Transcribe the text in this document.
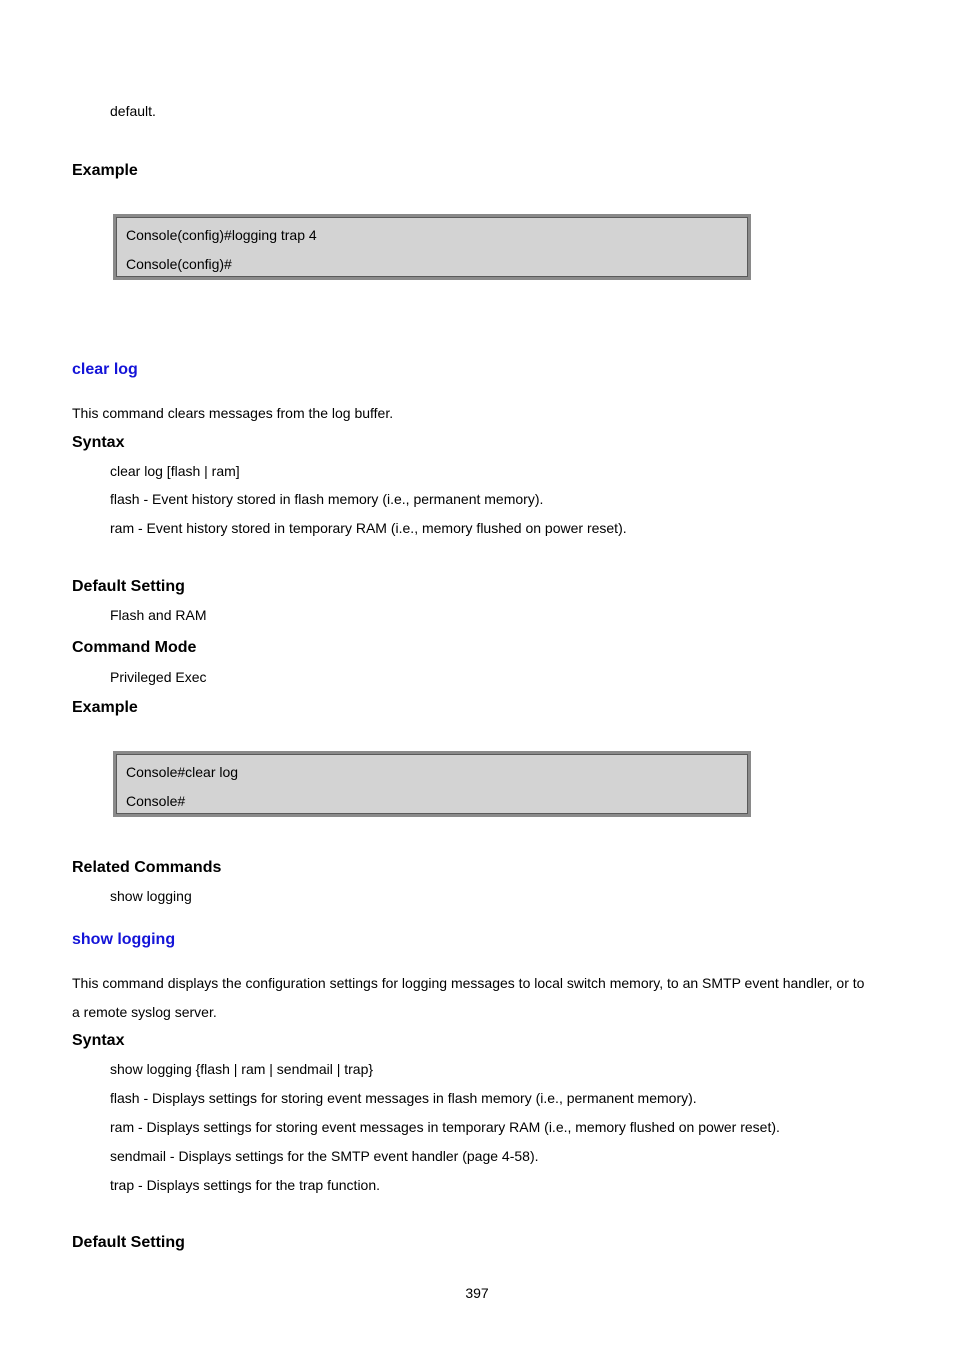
default.
Example
Console(config)#logging trap 4
Console(config)#
clear log
This command clears messages from the log buffer.
Syntax
clear log [flash | ram]
flash - Event history stored in flash memory (i.e., permanent memory).
ram - Event history stored in temporary RAM (i.e., memory flushed on power reset).
Default Setting
Flash and RAM
Command Mode
Privileged Exec
Example
Console#clear log
Console#
Related Commands
show logging
show logging
This command displays the configuration settings for logging messages to local switch memory, to an SMTP event handler, or to
a remote syslog server.
Syntax
show logging {flash | ram | sendmail | trap}
flash - Displays settings for storing event messages in flash memory (i.e., permanent memory).
ram - Displays settings for storing event messages in temporary RAM (i.e., memory flushed on power reset).
sendmail - Displays settings for the SMTP event handler (page 4-58).
trap - Displays settings for the trap function.
Default Setting
397
